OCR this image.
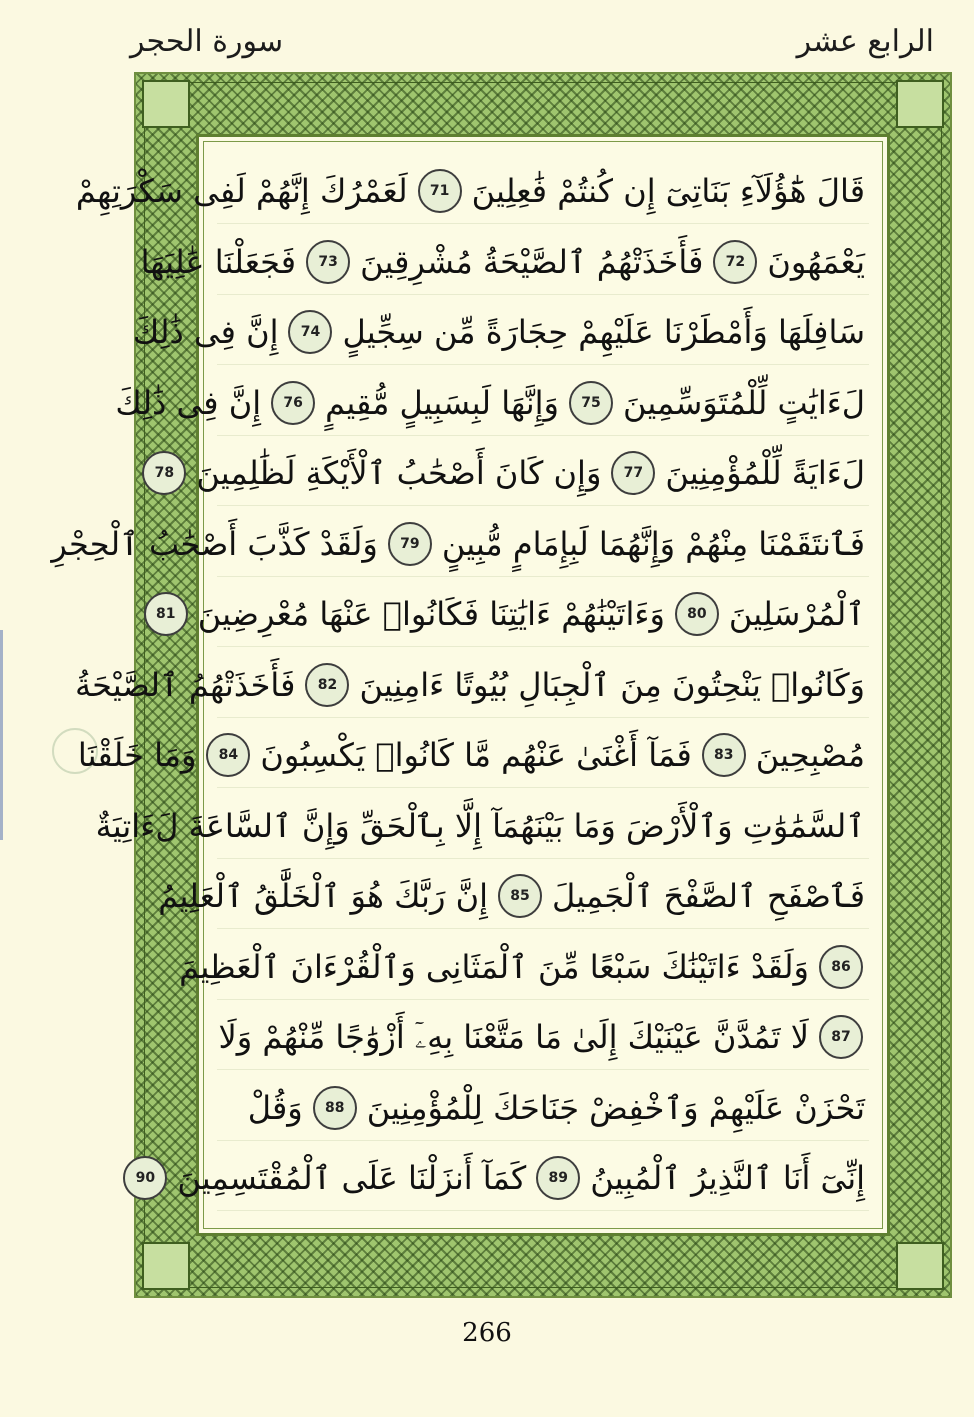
سورة الحجر	الرابع عشر
قَالَ هَٰٓؤُلَآءِ بَنَاتِىٓ إِن كُنتُمْ فَٰعِلِينَ
71
لَعَمْرُكَ إِنَّهُمْ لَفِى سَكْرَتِهِمْ
يَعْمَهُونَ
72
فَأَخَذَتْهُمُ ٱلصَّيْحَةُ مُشْرِقِينَ
73
فَجَعَلْنَا عَٰلِيَهَا
سَافِلَهَا وَأَمْطَرْنَا عَلَيْهِمْ حِجَارَةً مِّن سِجِّيلٍ
74
إِنَّ فِى ذَٰلِكَ
لَءَايَٰتٍ لِّلْمُتَوَسِّمِينَ
75
وَإِنَّهَا لَبِسَبِيلٍ مُّقِيمٍ
76
إِنَّ فِى ذَٰلِكَ
لَءَايَةً لِّلْمُؤْمِنِينَ
77
وَإِن كَانَ أَصْحَٰبُ ٱلْأَيْكَةِ لَظَٰلِمِينَ
78
فَٱنتَقَمْنَا مِنْهُمْ وَإِنَّهُمَا لَبِإِمَامٍ مُّبِينٍ
79
وَلَقَدْ كَذَّبَ أَصْحَٰبُ ٱلْحِجْرِ
ٱلْمُرْسَلِينَ
80
وَءَاتَيْنَٰهُمْ ءَايَٰتِنَا فَكَانُوا۟ عَنْهَا مُعْرِضِينَ
81
وَكَانُوا۟ يَنْحِتُونَ مِنَ ٱلْجِبَالِ بُيُوتًا ءَامِنِينَ
82
فَأَخَذَتْهُمُ ٱلصَّيْحَةُ
مُصْبِحِينَ
83
فَمَآ أَغْنَىٰ عَنْهُم مَّا كَانُوا۟ يَكْسِبُونَ
84
وَمَا خَلَقْنَا
ٱلسَّمَٰوَٰتِ وَٱلْأَرْضَ وَمَا بَيْنَهُمَآ إِلَّا بِٱلْحَقِّ وَإِنَّ ٱلسَّاعَةَ لَءَاتِيَةٌ
فَٱصْفَحِ ٱلصَّفْحَ ٱلْجَمِيلَ
85
إِنَّ رَبَّكَ هُوَ ٱلْخَلَّٰقُ ٱلْعَلِيمُ
86
وَلَقَدْ ءَاتَيْنَٰكَ سَبْعًا مِّنَ ٱلْمَثَانِى وَٱلْقُرْءَانَ ٱلْعَظِيمَ
87
لَا تَمُدَّنَّ عَيْنَيْكَ إِلَىٰ مَا مَتَّعْنَا بِهِۦٓ أَزْوَٰجًا مِّنْهُمْ وَلَا
تَحْزَنْ عَلَيْهِمْ وَٱخْفِضْ جَنَاحَكَ لِلْمُؤْمِنِينَ
88
وَقُلْ
إِنِّىٓ أَنَا ٱلنَّذِيرُ ٱلْمُبِينُ
89
كَمَآ أَنزَلْنَا عَلَى ٱلْمُقْتَسِمِينَ
90
266
